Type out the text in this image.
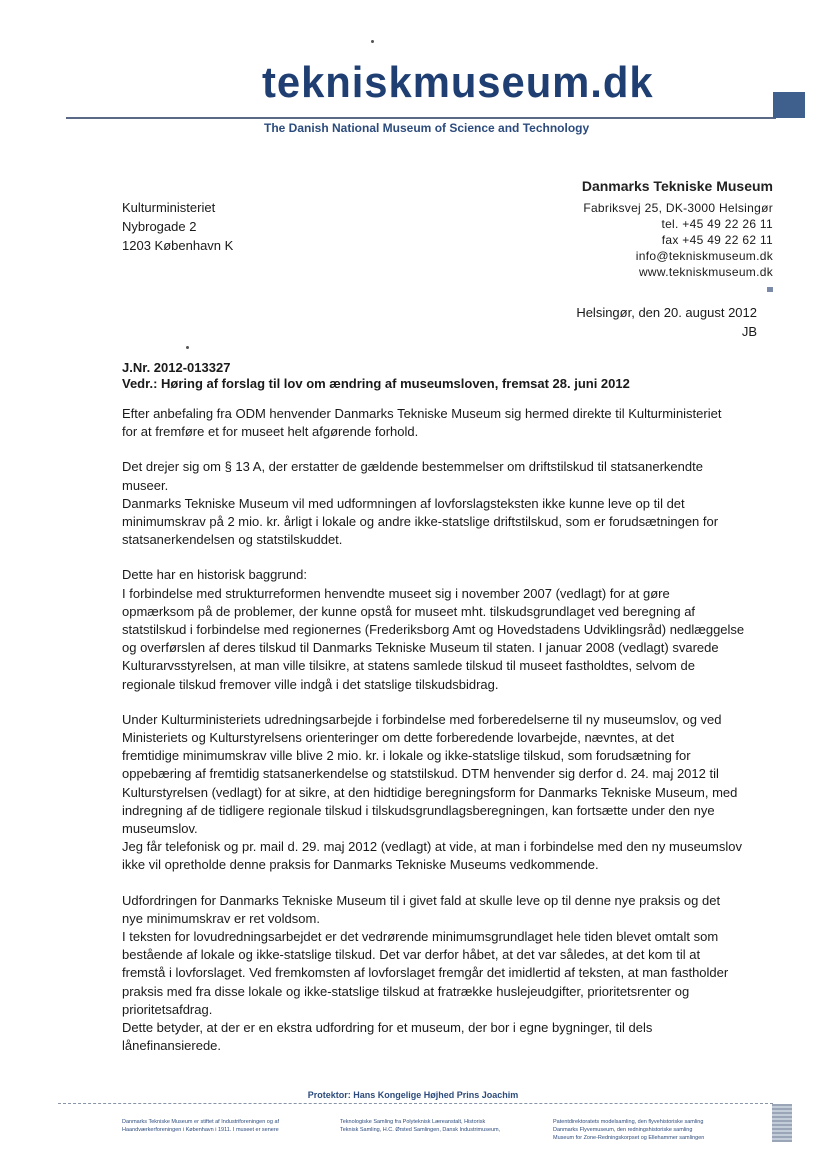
tekniskmuseum.dk
The Danish National Museum of Science and Technology
Kulturministeriet
Nybrogade 2
1203 København K
Danmarks Tekniske Museum
Fabriksvej 25, DK-3000 Helsingør
tel. +45 49 22 26 11
fax +45 49 22 62 11
info@tekniskmuseum.dk
www.tekniskmuseum.dk
Helsingør, den 20. august 2012
JB
J.Nr. 2012-013327
Vedr.: Høring af forslag til lov om ændring af museumsloven, fremsat 28. juni 2012
Efter anbefaling fra ODM henvender Danmarks Tekniske Museum sig hermed direkte til Kulturministeriet
for at fremføre et for museet helt afgørende forhold.
Det drejer sig om § 13 A, der erstatter de gældende bestemmelser om driftstilskud til statsanerkendte
museer.
Danmarks Tekniske Museum vil med udformningen af lovforslagsteksten ikke kunne leve op til det
minimumskrav på 2 mio. kr. årligt i lokale og andre ikke-statslige driftstilskud, som er forudsætningen for
statsanerkendelsen og statstilskuddet.
Dette har en historisk baggrund:
I forbindelse med strukturreformen henvendte museet sig i november 2007 (vedlagt) for at gøre
opmærksom på de problemer, der kunne opstå for museet mht. tilskudsgrundlaget ved beregning af
statstilskud i forbindelse med regionernes (Frederiksborg Amt og Hovedstadens Udviklingsråd) nedlæggelse
og overførslen af deres tilskud til Danmarks Tekniske Museum til staten. I januar 2008 (vedlagt) svarede
Kulturarvsstyrelsen, at man ville tilsikre, at statens samlede tilskud til museet fastholdtes, selvom de
regionale tilskud fremover ville indgå i det statslige tilskudsbidrag.
Under Kulturministeriets udredningsarbejde i forbindelse med forberedelserne til ny museumslov, og ved
Ministeriets og Kulturstyrelsens orienteringer om dette forberedende lovarbejde, nævntes, at det
fremtidige minimumskrav ville blive 2 mio. kr. i lokale og ikke-statslige tilskud, som forudsætning for
oppebæring af fremtidig statsanerkendelse og statstilskud. DTM henvender sig derfor d. 24. maj 2012 til
Kulturstyrelsen (vedlagt) for at sikre, at den hidtidige beregningsform for Danmarks Tekniske Museum, med
indregning af de tidligere regionale tilskud i tilskudsgrundlagsberegningen, kan fortsætte under den nye
museumslov.
Jeg får telefonisk og pr. mail d. 29. maj 2012 (vedlagt) at vide, at man i forbindelse med den ny museumslov
ikke vil opretholde denne praksis for Danmarks Tekniske Museums vedkommende.
Udfordringen for Danmarks Tekniske Museum til i givet fald at skulle leve op til denne nye praksis og det
nye minimumskrav er ret voldsom.
I teksten for lovudredningsarbejdet er det vedrørende minimumsgrundlaget hele tiden blevet omtalt som
bestående af lokale og ikke-statslige tilskud. Det var derfor håbet, at det var således, at det kom til at
fremstå i lovforslaget. Ved fremkomsten af lovforslaget fremgår det imidlertid af teksten, at man fastholder
praksis med fra disse lokale og ikke-statslige tilskud at fratrække huslejeudgifter, prioritetsrenter og
prioritetsafdrag.
Dette betyder, at der er en ekstra udfordring for et museum, der bor i egne bygninger, til dels
lånefinansierede.
Protektor: Hans Kongelige Højhed Prins Joachim
Danmarks Tekniske Museum er stiftet af Industriforeningen og af
Haandværkerforeningen i København i 1911. I museet er senere
Teknologiske Samling fra Polyteknisk Læreanstalt, Historisk
Teknisk Samling, H.C. Ørsted Samlingen, Dansk Industrimuseum,
Patentdirektoratets modelsamling, den flyvehistoriske samling
Danmarks Flyvemuseum, den redningshistoriske samling
Museum for Zone-Redningskorpset og Ellehammer samlingen
